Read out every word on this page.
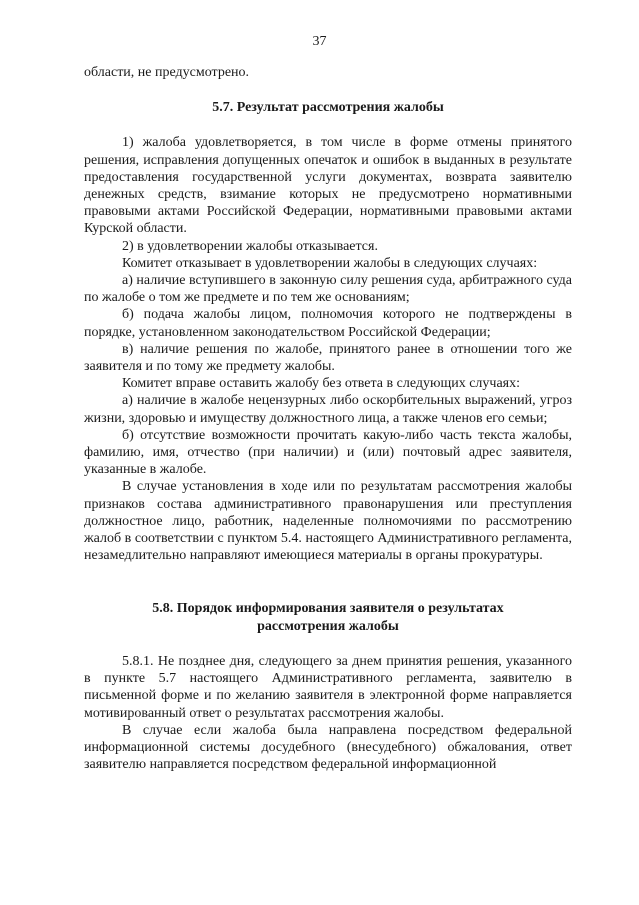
37

области, не предусмотрено.

5.7. Результат рассмотрения жалобы

1) жалоба удовлетворяется, в том числе в форме отмены принятого решения, исправления допущенных опечаток и ошибок в выданных в результате предоставления государственной услуги документах, возврата заявителю денежных средств, взимание которых не предусмотрено нормативными правовыми актами Российской Федерации, нормативными правовыми актами Курской области.

2) в удовлетворении жалобы отказывается.

Комитет отказывает в удовлетворении жалобы в следующих случаях:

а) наличие вступившего в законную силу решения суда, арбитражного суда по жалобе о том же предмете и по тем же основаниям;

б) подача жалобы лицом, полномочия которого не подтверждены в порядке, установленном законодательством Российской Федерации;

в) наличие решения по жалобе, принятого ранее в отношении того же заявителя и по тому же предмету жалобы.

Комитет вправе оставить жалобу без ответа в следующих случаях:

а) наличие в жалобе нецензурных либо оскорбительных выражений, угроз жизни, здоровью и имуществу должностного лица, а также членов его семьи;

б) отсутствие возможности прочитать какую-либо часть текста жалобы, фамилию, имя, отчество (при наличии) и (или) почтовый адрес заявителя, указанные в жалобе.

В случае установления в ходе или по результатам рассмотрения жалобы признаков состава административного правонарушения или преступления должностное лицо, работник, наделенные полномочиями по рассмотрению жалоб в соответствии с пунктом 5.4. настоящего Административного регламента, незамедлительно направляют имеющиеся материалы в органы прокуратуры.

5.8. Порядок информирования заявителя о результатах
рассмотрения жалобы

5.8.1. Не позднее дня, следующего за днем принятия решения, указанного в пункте 5.7 настоящего Административного регламента, заявителю в письменной форме и по желанию заявителя в электронной форме направляется мотивированный ответ о результатах рассмотрения жалобы.

В случае если жалоба была направлена посредством федеральной информационной системы досудебного (внесудебного) обжалования, ответ заявителю направляется посредством федеральной информационной
